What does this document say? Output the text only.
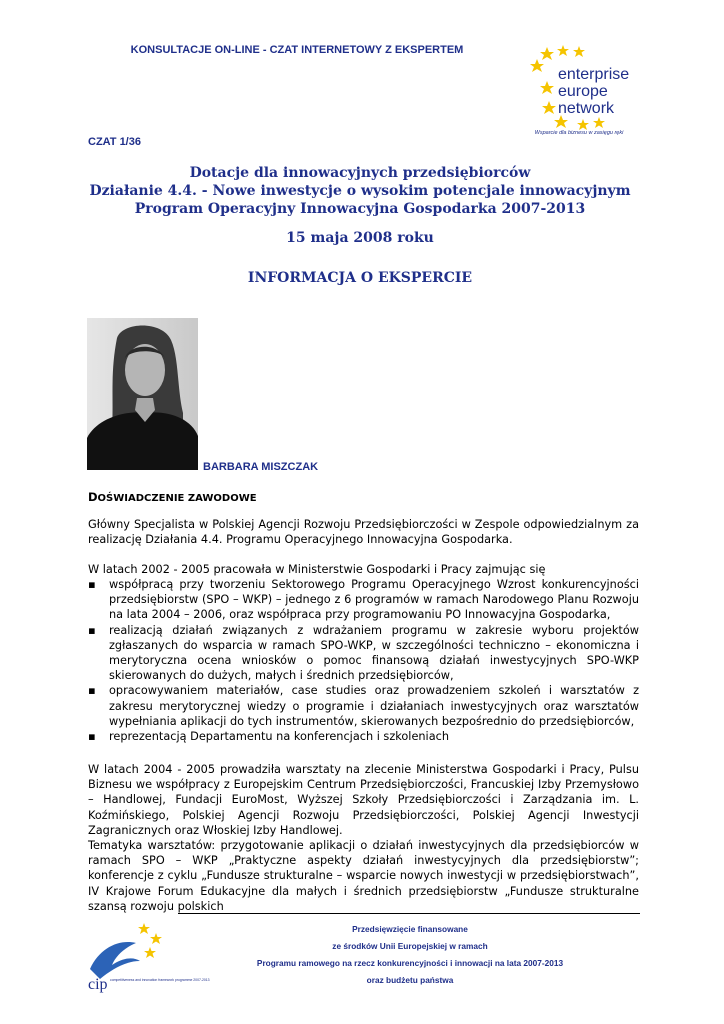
KONSULTACJE ON-LINE - CZAT INTERNETOWY Z EKSPERTEM
enterprise
europe
network
Wsparcie dla biznesu w zasięgu ręki
CZAT 1/36
Dotacje dla innowacyjnych przedsiębiorców
Działanie 4.4. - Nowe inwestycje o wysokim potencjale innowacyjnym
Program Operacyjny Innowacyjna Gospodarka 2007-2013
15 maja 2008 roku
INFORMACJA O EKSPERCIE
BARBARA MISZCZAK
DOŚWIADCZENIE ZAWODOWE

Główny Specjalista w Polskiej Agencji Rozwoju Przedsiębiorczości w Zespole odpowiedzialnym za realizację Działania 4.4. Programu Operacyjnego Innowacyjna Gospodarka.

W latach 2002 - 2005 pracowała w Ministerstwie Gospodarki i Pracy zajmując się

▪ współpracą przy tworzeniu Sektorowego Programu Operacyjnego Wzrost konkurencyjności przedsiębiorstw (SPO – WKP) – jednego z 6 programów w ramach Narodowego Planu Rozwoju na lata 2004 – 2006, oraz współpraca przy programowaniu PO Innowacyjna Gospodarka,
▪ realizacją działań związanych z wdrażaniem programu w zakresie wyboru projektów zgłaszanych do wsparcia w ramach SPO-WKP, w szczególności techniczno – ekonomiczna i merytoryczna ocena wniosków o pomoc finansową działań inwestycyjnych SPO-WKP skierowanych do dużych, małych i średnich przedsiębiorców,
▪ opracowywaniem materiałów, case studies oraz prowadzeniem szkoleń i warsztatów z zakresu merytorycznej wiedzy o programie i działaniach inwestycyjnych oraz warsztatów wypełniania aplikacji do tych instrumentów, skierowanych bezpośrednio do przedsiębiorców,
▪ reprezentacją Departamentu na konferencjach i szkoleniach

W latach 2004 - 2005 prowadziła warsztaty na zlecenie Ministerstwa Gospodarki i Pracy, Pulsu Biznesu we współpracy z Europejskim Centrum Przedsiębiorczości, Francuskiej Izby Przemysłowo – Handlowej, Fundacji EuroMost, Wyższej Szkoły Przedsiębiorczości i Zarządzania im. L. Koźmińskiego, Polskiej Agencji Rozwoju Przedsiębiorczości, Polskiej Agencji Inwestycji Zagranicznych oraz Włoskiej Izby Handlowej.

Tematyka warsztatów: przygotowanie aplikacji o działań inwestycyjnych dla przedsiębiorców w ramach SPO – WKP „Praktyczne aspekty działań inwestycyjnych dla przedsiębiorstw”; konferencje z cyklu „Fundusze strukturalne – wsparcie nowych inwestycji w przedsiębiorstwach”, IV Krajowe Forum Edukacyjne dla małych i średnich przedsiębiorstw „Fundusze strukturalne szansą rozwoju polskich

cip competitiveness and innovation framework programme 2007-2013
Przedsięwzięcie finansowane
ze środków Unii Europejskiej w ramach
Programu ramowego na rzecz konkurencyjności i innowacji na lata 2007-2013
oraz budżetu państwa
